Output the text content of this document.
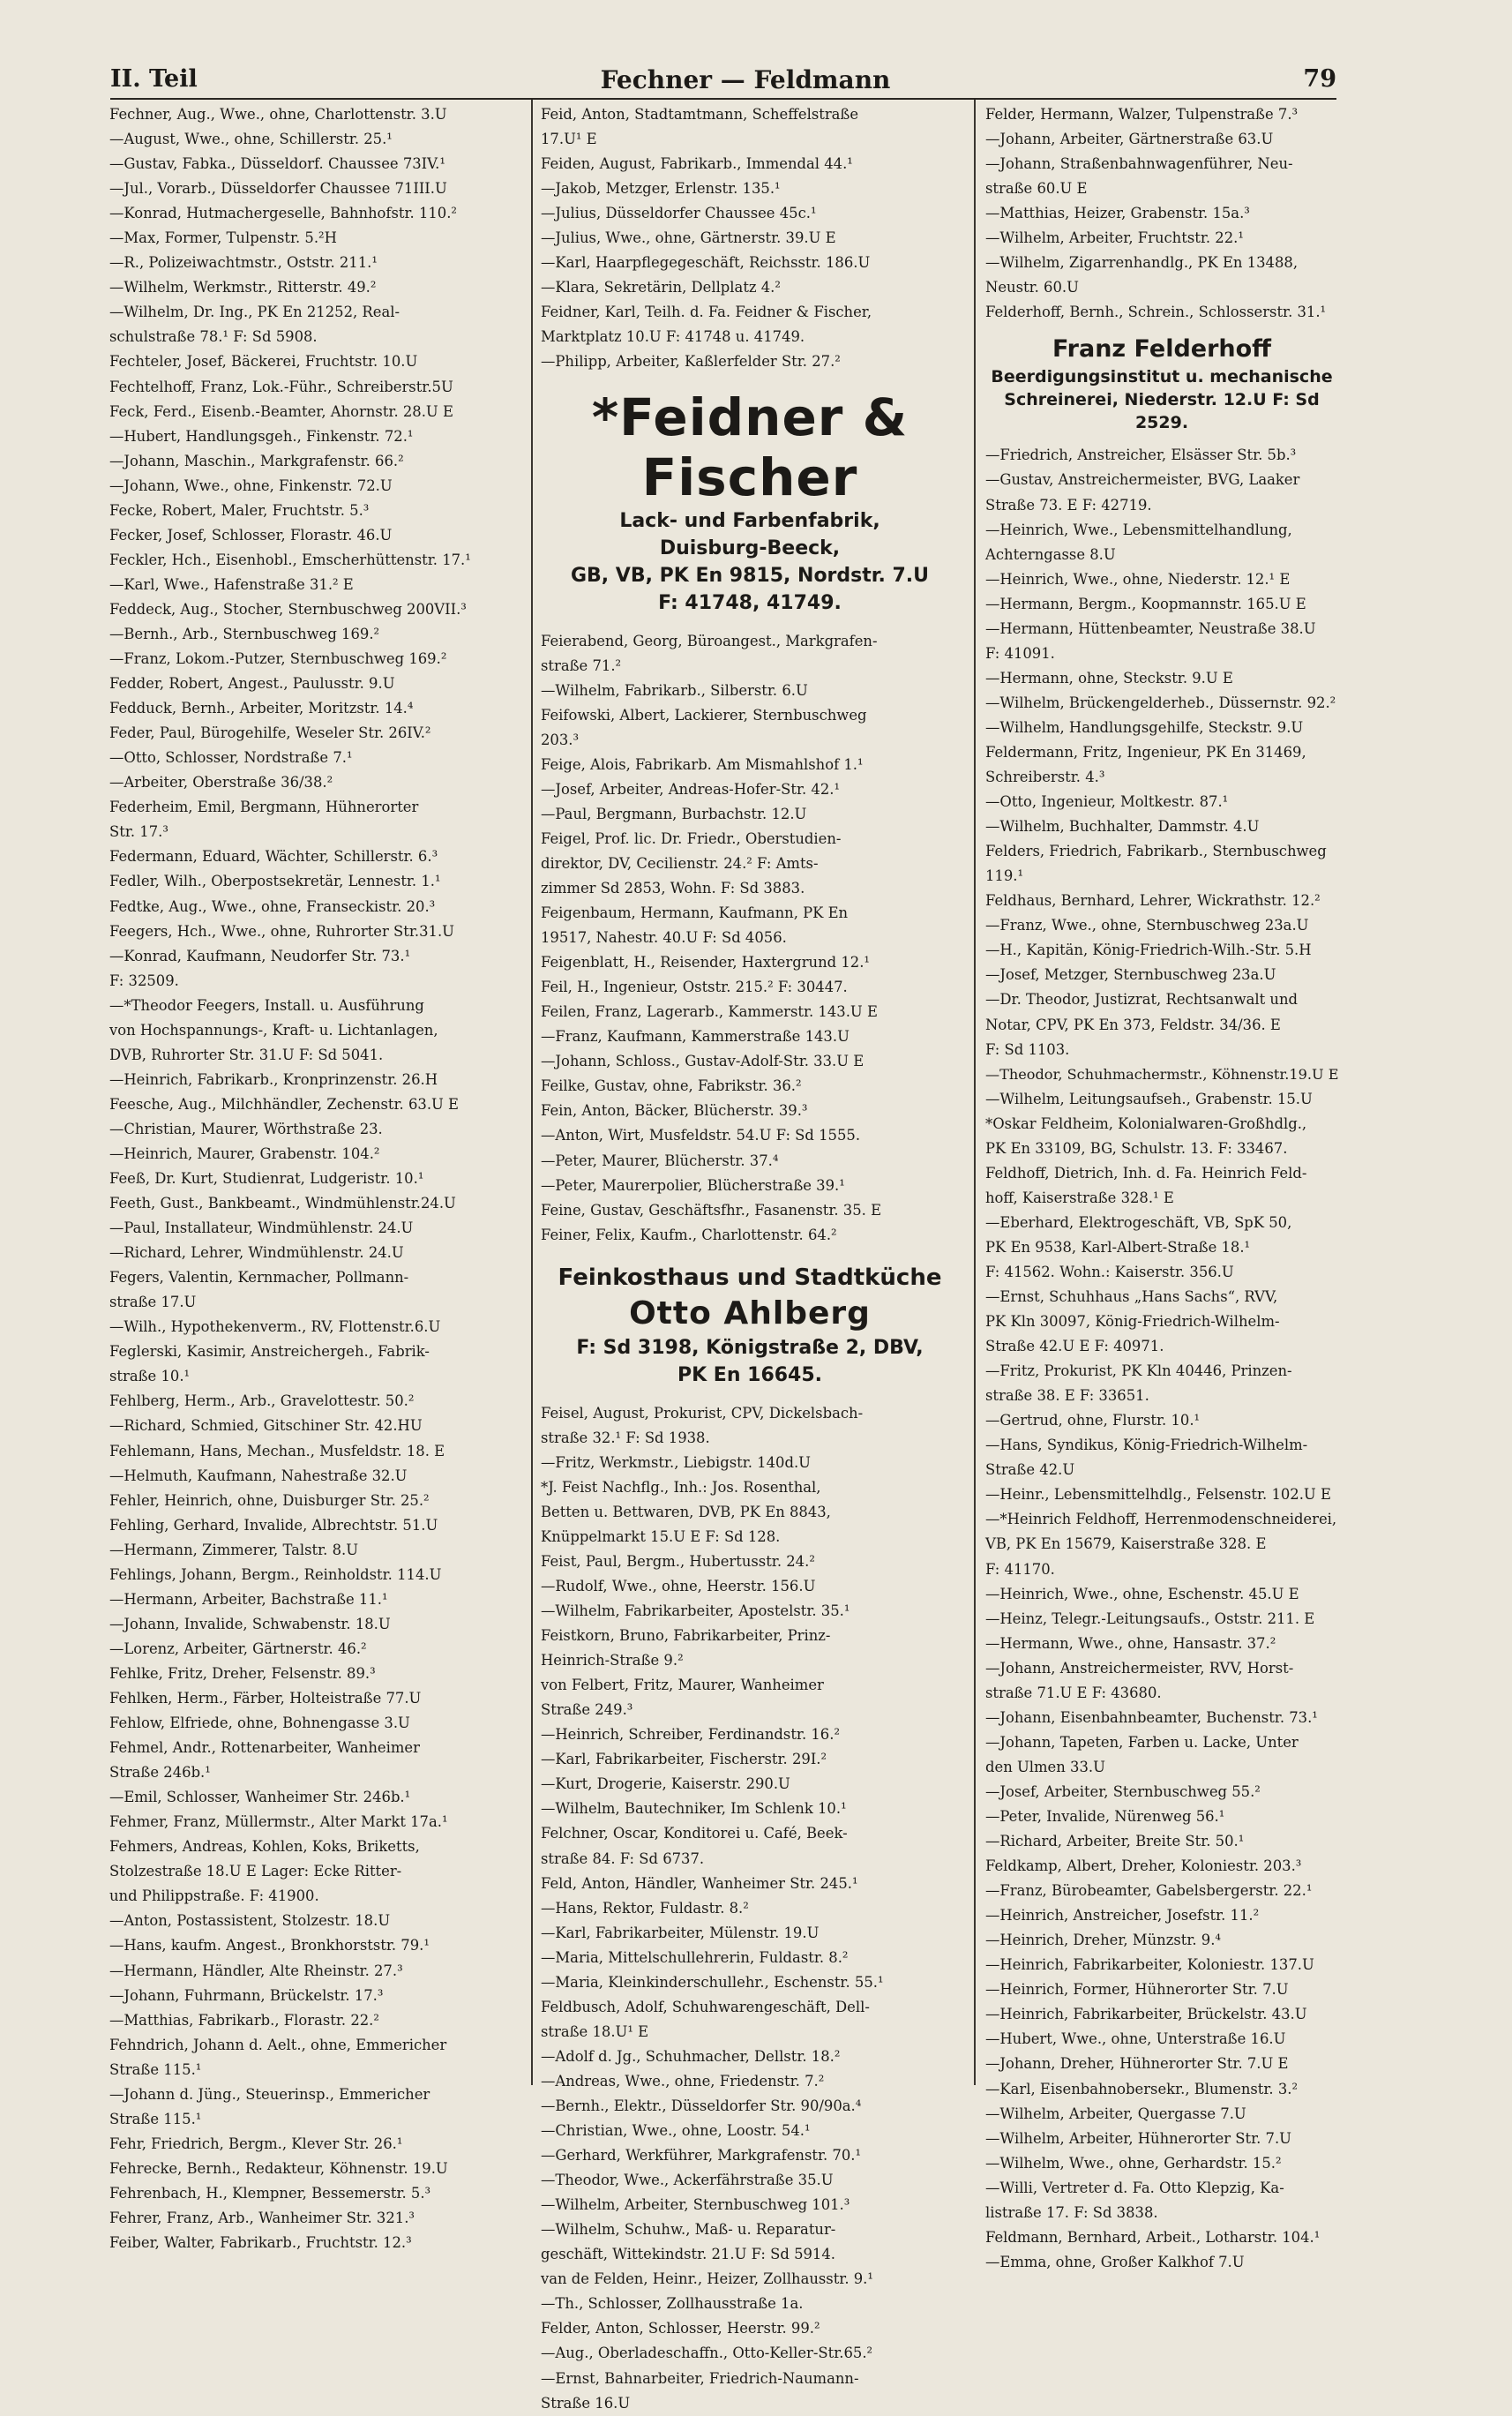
II. Teil	Fechner — Feldmann	79
Fechner, Aug., Wwe., ohne, Charlottenstr. 3.U
—August, Wwe., ohne, Schillerstr. 25.¹
—Gustav, Fabka., Düsseldorf. Chaussee 73IV.¹
—Jul., Vorarb., Düsseldorfer Chaussee 71III.U
—Konrad, Hutmachergeselle, Bahnhofstr. 110.²
—Max, Former, Tulpenstr. 5.²H
—R., Polizeiwachtmstr., Oststr. 211.¹
—Wilhelm, Werkmstr., Ritterstr. 49.²
—Wilhelm, Dr. Ing., PK En 21252, Real-
schulstraße 78.¹ F: Sd 5908.
Fechteler, Josef, Bäckerei, Fruchtstr. 10.U
Fechtelhoff, Franz, Lok.-Führ., Schreiberstr.5U
Feck, Ferd., Eisenb.-Beamter, Ahornstr. 28.U E
—Hubert, Handlungsgeh., Finkenstr. 72.¹
—Johann, Maschin., Markgrafenstr. 66.²
—Johann, Wwe., ohne, Finkenstr. 72.U
Fecke, Robert, Maler, Fruchtstr. 5.³
Fecker, Josef, Schlosser, Florastr. 46.U
Feckler, Hch., Eisenhobl., Emscherhüttenstr. 17.¹
—Karl, Wwe., Hafenstraße 31.² E
Feddeck, Aug., Stocher, Sternbuschweg 200VII.³
—Bernh., Arb., Sternbuschweg 169.²
—Franz, Lokom.-Putzer, Sternbuschweg 169.²
Fedder, Robert, Angest., Paulusstr. 9.U
Fedduck, Bernh., Arbeiter, Moritzstr. 14.⁴
Feder, Paul, Bürogehilfe, Weseler Str. 26IV.²
—Otto, Schlosser, Nordstraße 7.¹
—Arbeiter, Oberstraße 36/38.²
Federheim, Emil, Bergmann, Hühnerorter
Str. 17.³
Federmann, Eduard, Wächter, Schillerstr. 6.³
Fedler, Wilh., Oberpostsekretär, Lennestr. 1.¹
Fedtke, Aug., Wwe., ohne, Franseckistr. 20.³
Feegers, Hch., Wwe., ohne, Ruhrorter Str.31.U
—Konrad, Kaufmann, Neudorfer Str. 73.¹
F: 32509.
—*Theodor Feegers, Install. u. Ausführung
von Hochspannungs-, Kraft- u. Lichtanlagen,
DVB, Ruhrorter Str. 31.U F: Sd 5041.
—Heinrich, Fabrikarb., Kronprinzenstr. 26.H
Feesche, Aug., Milchhändler, Zechenstr. 63.U E
—Christian, Maurer, Wörthstraße 23.
—Heinrich, Maurer, Grabenstr. 104.²
Feeß, Dr. Kurt, Studienrat, Ludgeristr. 10.¹
Feeth, Gust., Bankbeamt., Windmühlenstr.24.U
—Paul, Installateur, Windmühlenstr. 24.U
—Richard, Lehrer, Windmühlenstr. 24.U
Fegers, Valentin, Kernmacher, Pollmann-
straße 17.U
—Wilh., Hypothekenverm., RV, Flottenstr.6.U
Feglerski, Kasimir, Anstreichergeh., Fabrik-
straße 10.¹
Fehlberg, Herm., Arb., Gravelottestr. 50.²
—Richard, Schmied, Gitschiner Str. 42.HU
Fehlemann, Hans, Mechan., Musfeldstr. 18. E
—Helmuth, Kaufmann, Nahestraße 32.U
Fehler, Heinrich, ohne, Duisburger Str. 25.²
Fehling, Gerhard, Invalide, Albrechtstr. 51.U
—Hermann, Zimmerer, Talstr. 8.U
Fehlings, Johann, Bergm., Reinholdstr. 114.U
—Hermann, Arbeiter, Bachstraße 11.¹
—Johann, Invalide, Schwabenstr. 18.U
—Lorenz, Arbeiter, Gärtnerstr. 46.²
Fehlke, Fritz, Dreher, Felsenstr. 89.³
Fehlken, Herm., Färber, Holteistraße 77.U
Fehlow, Elfriede, ohne, Bohnengasse 3.U
Fehmel, Andr., Rottenarbeiter, Wanheimer
Straße 246b.¹
—Emil, Schlosser, Wanheimer Str. 246b.¹
Fehmer, Franz, Müllermstr., Alter Markt 17a.¹
Fehmers, Andreas, Kohlen, Koks, Briketts,
Stolzestraße 18.U E Lager: Ecke Ritter-
und Philippstraße. F: 41900.
—Anton, Postassistent, Stolzestr. 18.U
—Hans, kaufm. Angest., Bronkhorststr. 79.¹
—Hermann, Händler, Alte Rheinstr. 27.³
—Johann, Fuhrmann, Brückelstr. 17.³
—Matthias, Fabrikarb., Florastr. 22.²
Fehndrich, Johann d. Aelt., ohne, Emmericher
Straße 115.¹
—Johann d. Jüng., Steuerinsp., Emmericher
Straße 115.¹
Fehr, Friedrich, Bergm., Klever Str. 26.¹
Fehrecke, Bernh., Redakteur, Köhnenstr. 19.U
Fehrenbach, H., Klempner, Bessemerstr. 5.³
Fehrer, Franz, Arb., Wanheimer Str. 321.³
Feiber, Walter, Fabrikarb., Fruchtstr. 12.³
Feid, Anton, Stadtamtmann, Scheffelstraße
17.U¹ E
Feiden, August, Fabrikarb., Immendal 44.¹
—Jakob, Metzger, Erlenstr. 135.¹
—Julius, Düsseldorfer Chaussee 45c.¹
—Julius, Wwe., ohne, Gärtnerstr. 39.U E
—Karl, Haarpflegegeschäft, Reichsstr. 186.U
—Klara, Sekretärin, Dellplatz 4.²
Feidner, Karl, Teilh. d. Fa. Feidner & Fischer,
Marktplatz 10.U F: 41748 u. 41749.
—Philipp, Arbeiter, Kaßlerfelder Str. 27.²
*Feidner & Fischer
Lack- und Farbenfabrik,
Duisburg-Beeck,
GB, VB, PK En 9815, Nordstr. 7.U
F: 41748, 41749.
Feierabend, Georg, Büroangest., Markgrafen-
straße 71.²
—Wilhelm, Fabrikarb., Silberstr. 6.U
Feifowski, Albert, Lackierer, Sternbuschweg
203.³
Feige, Alois, Fabrikarb. Am Mismahlshof 1.¹
—Josef, Arbeiter, Andreas-Hofer-Str. 42.¹
—Paul, Bergmann, Burbachstr. 12.U
Feigel, Prof. lic. Dr. Friedr., Oberstudien-
direktor, DV, Cecilienstr. 24.² F: Amts-
zimmer Sd 2853, Wohn. F: Sd 3883.
Feigenbaum, Hermann, Kaufmann, PK En
19517, Nahestr. 40.U F: Sd 4056.
Feigenblatt, H., Reisender, Haxtergrund 12.¹
Feil, H., Ingenieur, Oststr. 215.² F: 30447.
Feilen, Franz, Lagerarb., Kammerstr. 143.U E
—Franz, Kaufmann, Kammerstraße 143.U
—Johann, Schloss., Gustav-Adolf-Str. 33.U E
Feilke, Gustav, ohne, Fabrikstr. 36.²
Fein, Anton, Bäcker, Blücherstr. 39.³
—Anton, Wirt, Musfeldstr. 54.U F: Sd 1555.
—Peter, Maurer, Blücherstr. 37.⁴
—Peter, Maurerpolier, Blücherstraße 39.¹
Feine, Gustav, Geschäftsfhr., Fasanenstr. 35. E
Feiner, Felix, Kaufm., Charlottenstr. 64.²
Feinkosthaus und Stadtküche
Otto Ahlberg
F: Sd 3198, Königstraße 2, DBV,
PK En 16645.
Feisel, August, Prokurist, CPV, Dickelsbach-
straße 32.¹ F: Sd 1938.
—Fritz, Werkmstr., Liebigstr. 140d.U
*J. Feist Nachflg., Inh.: Jos. Rosenthal,
Betten u. Bettwaren, DVB, PK En 8843,
Knüppelmarkt 15.U E F: Sd 128.
Feist, Paul, Bergm., Hubertusstr. 24.²
—Rudolf, Wwe., ohne, Heerstr. 156.U
—Wilhelm, Fabrikarbeiter, Apostelstr. 35.¹
Feistkorn, Bruno, Fabrikarbeiter, Prinz-
Heinrich-Straße 9.²
von Felbert, Fritz, Maurer, Wanheimer
Straße 249.³
—Heinrich, Schreiber, Ferdinandstr. 16.²
—Karl, Fabrikarbeiter, Fischerstr. 29I.²
—Kurt, Drogerie, Kaiserstr. 290.U
—Wilhelm, Bautechniker, Im Schlenk 10.¹
Felchner, Oscar, Konditorei u. Café, Beek-
straße 84. F: Sd 6737.
Feld, Anton, Händler, Wanheimer Str. 245.¹
—Hans, Rektor, Fuldastr. 8.²
—Karl, Fabrikarbeiter, Mülenstr. 19.U
—Maria, Mittelschullehrerin, Fuldastr. 8.²
—Maria, Kleinkinderschullehr., Eschenstr. 55.¹
Feldbusch, Adolf, Schuhwarengeschäft, Dell-
straße 18.U¹ E
—Adolf d. Jg., Schuhmacher, Dellstr. 18.²
—Andreas, Wwe., ohne, Friedenstr. 7.²
—Bernh., Elektr., Düsseldorfer Str. 90/90a.⁴
—Christian, Wwe., ohne, Loostr. 54.¹
—Gerhard, Werkführer, Markgrafenstr. 70.¹
—Theodor, Wwe., Ackerfährstraße 35.U
—Wilhelm, Arbeiter, Sternbuschweg 101.³
—Wilhelm, Schuhw., Maß- u. Reparatur-
geschäft, Wittekindstr. 21.U F: Sd 5914.
van de Felden, Heinr., Heizer, Zollhausstr. 9.¹
—Th., Schlosser, Zollhausstraße 1a.
Felder, Anton, Schlosser, Heerstr. 99.²
—Aug., Oberladeschaffn., Otto-Keller-Str.65.²
—Ernst, Bahnarbeiter, Friedrich-Naumann-
Straße 16.U
Felder, Hermann, Walzer, Tulpenstraße 7.³
—Johann, Arbeiter, Gärtnerstraße 63.U
—Johann, Straßenbahnwagenführer, Neu-
straße 60.U E
—Matthias, Heizer, Grabenstr. 15a.³
—Wilhelm, Arbeiter, Fruchtstr. 22.¹
—Wilhelm, Zigarrenhandlg., PK En 13488,
Neustr. 60.U
Felderhoff, Bernh., Schrein., Schlosserstr. 31.¹
Franz Felderhoff
Beerdigungsinstitut u. mechanische
Schreinerei, Niederstr. 12.U F: Sd 2529.
—Friedrich, Anstreicher, Elsässer Str. 5b.³
—Gustav, Anstreichermeister, BVG, Laaker
Straße 73. E F: 42719.
—Heinrich, Wwe., Lebensmittelhandlung,
Achterngasse 8.U
—Heinrich, Wwe., ohne, Niederstr. 12.¹ E
—Hermann, Bergm., Koopmannstr. 165.U E
—Hermann, Hüttenbeamter, Neustraße 38.U
F: 41091.
—Hermann, ohne, Steckstr. 9.U E
—Wilhelm, Brückengelderheb., Düssernstr. 92.²
—Wilhelm, Handlungsgehilfe, Steckstr. 9.U
Feldermann, Fritz, Ingenieur, PK En 31469,
Schreiberstr. 4.³
—Otto, Ingenieur, Moltkestr. 87.¹
—Wilhelm, Buchhalter, Dammstr. 4.U
Felders, Friedrich, Fabrikarb., Sternbuschweg
119.¹
Feldhaus, Bernhard, Lehrer, Wickrathstr. 12.²
—Franz, Wwe., ohne, Sternbuschweg 23a.U
—H., Kapitän, König-Friedrich-Wilh.-Str. 5.H
—Josef, Metzger, Sternbuschweg 23a.U
—Dr. Theodor, Justizrat, Rechtsanwalt und
Notar, CPV, PK En 373, Feldstr. 34/36. E
F: Sd 1103.
—Theodor, Schuhmachermstr., Köhnenstr.19.U E
—Wilhelm, Leitungsaufseh., Grabenstr. 15.U
*Oskar Feldheim, Kolonialwaren-Großhdlg.,
PK En 33109, BG, Schulstr. 13. F: 33467.
Feldhoff, Dietrich, Inh. d. Fa. Heinrich Feld-
hoff, Kaiserstraße 328.¹ E
—Eberhard, Elektrogeschäft, VB, SpK 50,
PK En 9538, Karl-Albert-Straße 18.¹
F: 41562. Wohn.: Kaiserstr. 356.U
—Ernst, Schuhhaus „Hans Sachs“, RVV,
PK Kln 30097, König-Friedrich-Wilhelm-
Straße 42.U E F: 40971.
—Fritz, Prokurist, PK Kln 40446, Prinzen-
straße 38. E F: 33651.
—Gertrud, ohne, Flurstr. 10.¹
—Hans, Syndikus, König-Friedrich-Wilhelm-
Straße 42.U
—Heinr., Lebensmittelhdlg., Felsenstr. 102.U E
—*Heinrich Feldhoff, Herrenmodenschneiderei,
VB, PK En 15679, Kaiserstraße 328. E
F: 41170.
—Heinrich, Wwe., ohne, Eschenstr. 45.U E
—Heinz, Telegr.-Leitungsaufs., Oststr. 211. E
—Hermann, Wwe., ohne, Hansastr. 37.²
—Johann, Anstreichermeister, RVV, Horst-
straße 71.U E F: 43680.
—Johann, Eisenbahnbeamter, Buchenstr. 73.¹
—Johann, Tapeten, Farben u. Lacke, Unter
den Ulmen 33.U
—Josef, Arbeiter, Sternbuschweg 55.²
—Peter, Invalide, Nürenweg 56.¹
—Richard, Arbeiter, Breite Str. 50.¹
Feldkamp, Albert, Dreher, Koloniestr. 203.³
—Franz, Bürobeamter, Gabelsbergerstr. 22.¹
—Heinrich, Anstreicher, Josefstr. 11.²
—Heinrich, Dreher, Münzstr. 9.⁴
—Heinrich, Fabrikarbeiter, Koloniestr. 137.U
—Heinrich, Former, Hühnerorter Str. 7.U
—Heinrich, Fabrikarbeiter, Brückelstr. 43.U
—Hubert, Wwe., ohne, Unterstraße 16.U
—Johann, Dreher, Hühnerorter Str. 7.U E
—Karl, Eisenbahnobersekr., Blumenstr. 3.²
—Wilhelm, Arbeiter, Quergasse 7.U
—Wilhelm, Arbeiter, Hühnerorter Str. 7.U
—Wilhelm, Wwe., ohne, Gerhardstr. 15.²
—Willi, Vertreter d. Fa. Otto Klepzig, Ka-
listraße 17. F: Sd 3838.
Feldmann, Bernhard, Arbeit., Lotharstr. 104.¹
—Emma, ohne, Großer Kalkhof 7.U
